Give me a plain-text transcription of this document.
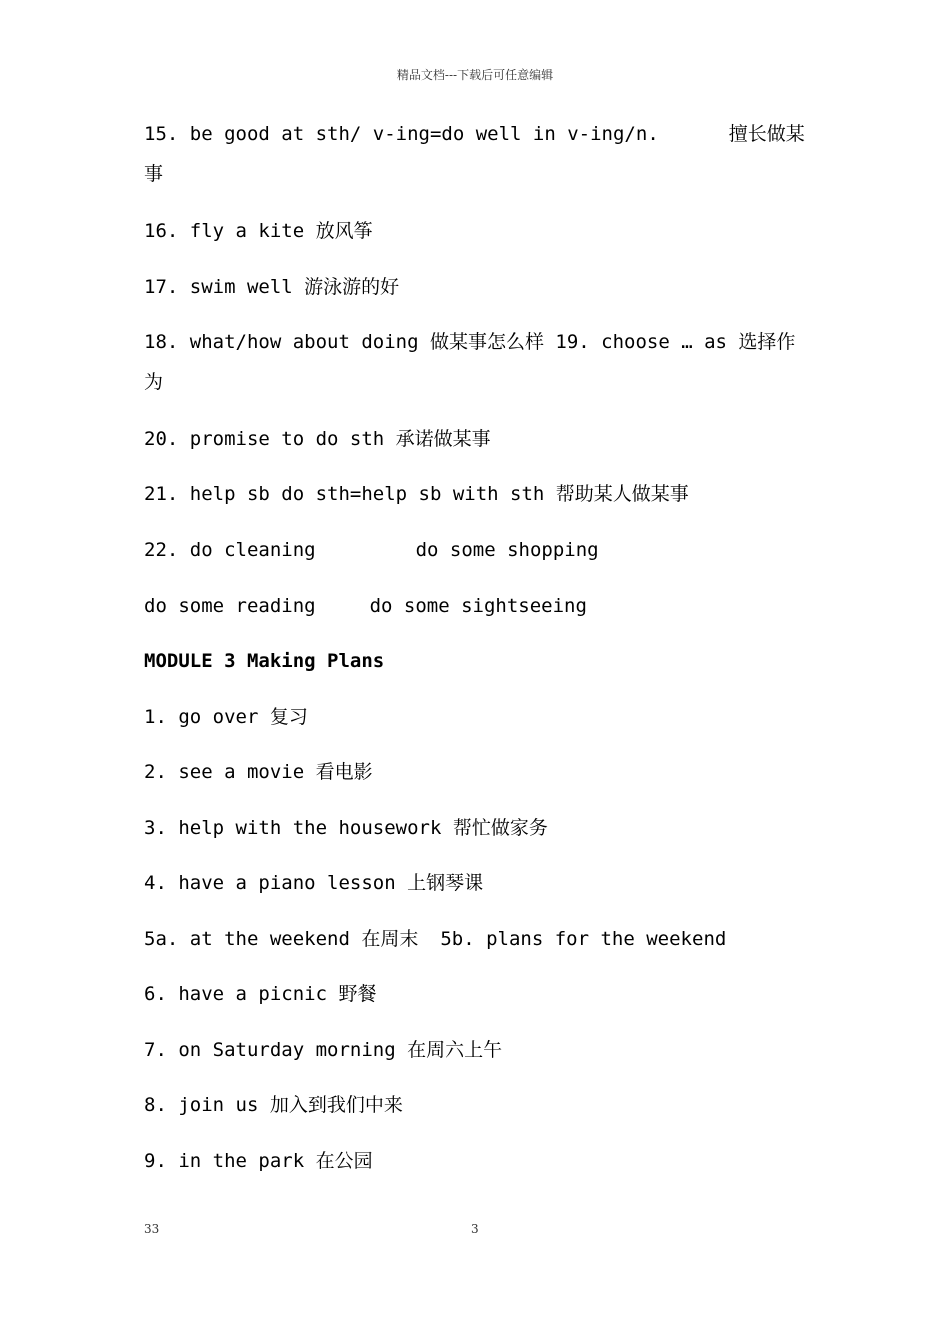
精品文档---下载后可任意编辑
15. be good at sth/ v-ing=do well in v-ing/n.	擅长做某事
16. fly a kite 放风筝
17. swim well 游泳游的好
18. what/how about doing 做某事怎么样 19. choose … as 选择作为
20. promise to do sth 承诺做某事
21. help sb do sth=help sb with sth 帮助某人做某事
22. do cleaning	do some shopping
do some reading	do some sightseeing
MODULE 3 Making Plans
1. go over 复习
2. see a movie 看电影
3. help with the housework 帮忙做家务
4. have a piano lesson 上钢琴课
5a. at the weekend 在周末 5b. plans for the weekend
6. have a picnic 野餐
7. on Saturday morning 在周六上午
8. join us 加入到我们中来
9. in the park 在公园
33	3
